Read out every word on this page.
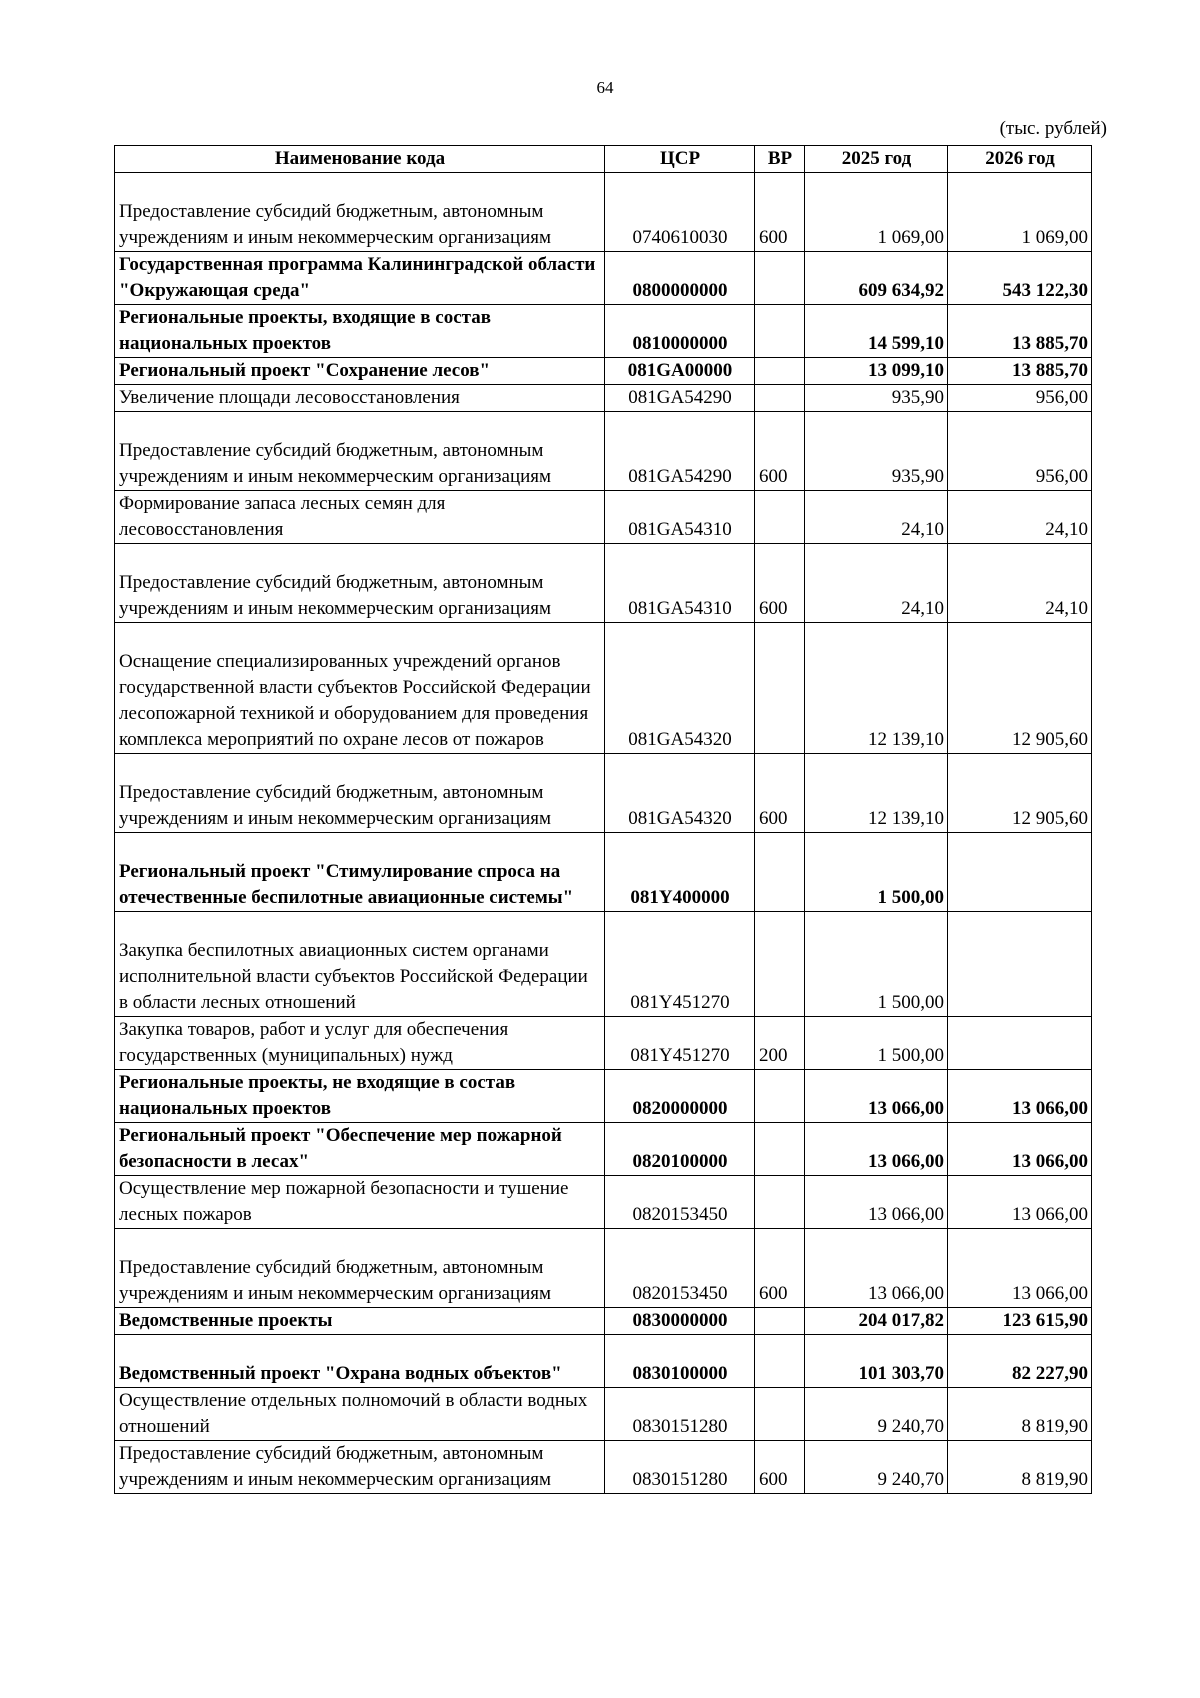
64
(тыс. рублей)
Наименование кода	ЦСР	ВР	2025 год	2026 год
Предоставление субсидий бюджетным, автономным учреждениям и иным некоммерческим организациям	0740610030	600	1 069,00	1 069,00
Государственная программа Калининградской области "Окружающая среда"	0800000000		609 634,92	543 122,30
Региональные проекты, входящие в состав национальных проектов	0810000000		14 599,10	13 885,70
Региональный проект "Сохранение лесов"	081GA00000		13 099,10	13 885,70
Увеличение площади лесовосстановления	081GA54290		935,90	956,00
Предоставление субсидий бюджетным, автономным учреждениям и иным некоммерческим организациям	081GA54290	600	935,90	956,00
Формирование запаса лесных семян для лесовосстановления	081GA54310		24,10	24,10
Предоставление субсидий бюджетным, автономным учреждениям и иным некоммерческим организациям	081GA54310	600	24,10	24,10
Оснащение специализированных учреждений органов государственной власти субъектов Российской Федерации лесопожарной техникой и оборудованием для проведения комплекса мероприятий по охране лесов от пожаров	081GA54320		12 139,10	12 905,60
Предоставление субсидий бюджетным, автономным учреждениям и иным некоммерческим организациям	081GA54320	600	12 139,10	12 905,60
Региональный проект "Стимулирование спроса на отечественные беспилотные авиационные системы"	081Y400000		1 500,00	
Закупка беспилотных авиационных систем органами исполнительной власти субъектов Российской Федерации в области лесных отношений	081Y451270		1 500,00	
Закупка товаров, работ и услуг для обеспечения государственных (муниципальных) нужд	081Y451270	200	1 500,00	
Региональные проекты, не входящие в состав национальных проектов	0820000000		13 066,00	13 066,00
Региональный проект "Обеспечение мер пожарной безопасности в лесах"	0820100000		13 066,00	13 066,00
Осуществление мер пожарной безопасности и тушение лесных пожаров	0820153450		13 066,00	13 066,00
Предоставление субсидий бюджетным, автономным учреждениям и иным некоммерческим организациям	0820153450	600	13 066,00	13 066,00
Ведомственные проекты	0830000000		204 017,82	123 615,90
Ведомственный проект "Охрана водных объектов"	0830100000		101 303,70	82 227,90
Осуществление отдельных полномочий в области водных отношений	0830151280		9 240,70	8 819,90
Предоставление субсидий бюджетным, автономным учреждениям и иным некоммерческим организациям	0830151280	600	9 240,70	8 819,90
